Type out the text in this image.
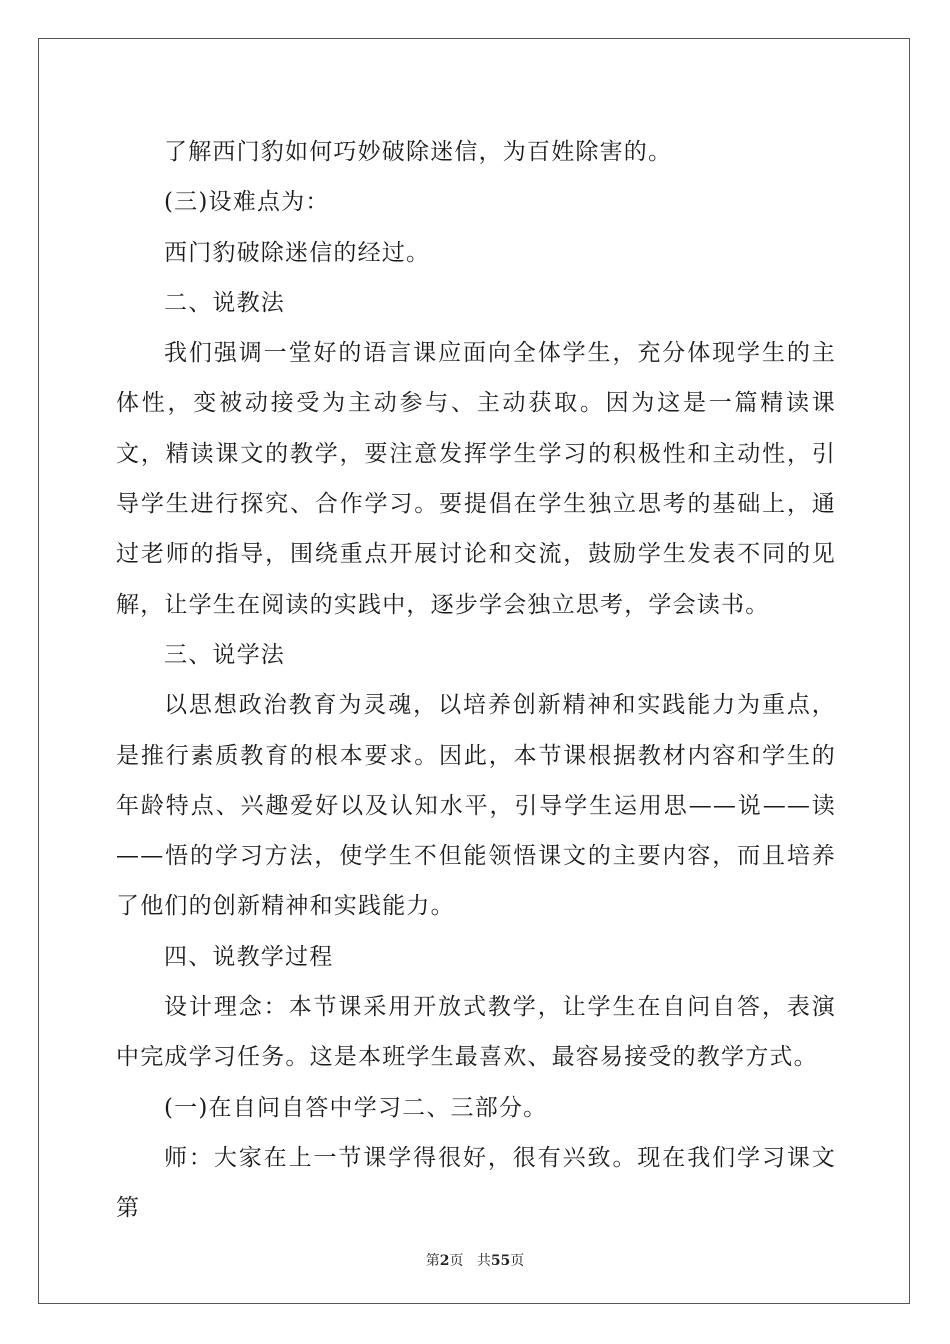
了解西门豹如何巧妙破除迷信，为百姓除害的。

(三)设难点为：

西门豹破除迷信的经过。

二、说教法

我们强调一堂好的语言课应面向全体学生，充分体现学生的主体性，变被动接受为主动参与、主动获取。因为这是一篇精读课文，精读课文的教学，要注意发挥学生学习的积极性和主动性，引导学生进行探究、合作学习。要提倡在学生独立思考的基础上，通过老师的指导，围绕重点开展讨论和交流，鼓励学生发表不同的见解，让学生在阅读的实践中，逐步学会独立思考，学会读书。

三、说学法

以思想政治教育为灵魂，以培养创新精神和实践能力为重点，是推行素质教育的根本要求。因此，本节课根据教材内容和学生的年龄特点、兴趣爱好以及认知水平，引导学生运用思——说——读——悟的学习方法，使学生不但能领悟课文的主要内容，而且培养了他们的创新精神和实践能力。

四、说教学过程

设计理念：本节课采用开放式教学，让学生在自问自答，表演中完成学习任务。这是本班学生最喜欢、最容易接受的教学方式。

(一)在自问自答中学习二、三部分。

师：大家在上一节课学得很好，很有兴致。现在我们学习课文第

第2页 共55页
